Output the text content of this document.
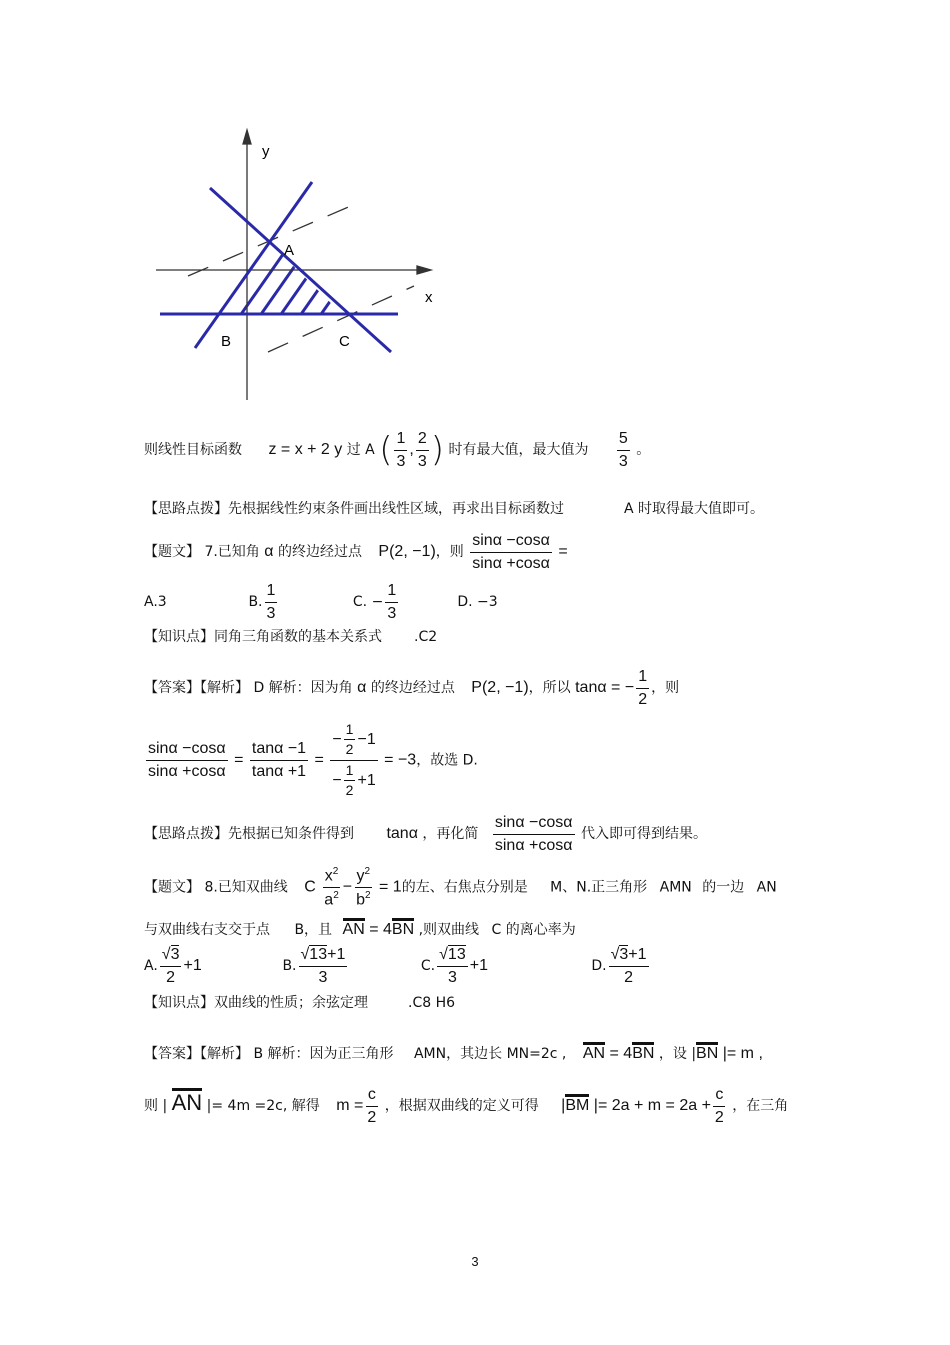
y
x
A
B	C
则线性目标函数 z = x + 2 y 过 A ( $\frac{1}{3}$ , $\frac{2}{3}$ ) 时有最大值，最大值为 $\frac{5}{3}$ 。
【思路点拨】先根据线性约束条件画出线性区域，再求出目标函数过	A 时取得最大值即可。
【题文】 7.已知角 α 的终边经过点 P(2, −1)，则 $\frac{\sin\alpha -\cos\alpha}{\sin\alpha +\cos\alpha}$ =
A.3	B. $\frac{1}{3}$	C. − $\frac{1}{3}$	D. −3
【知识点】同角三角函数的基本关系式 .C2
【答案】【解析】 D 解析：因为角 α 的终边经过点 P(2, −1)，所以 tanα = − $\frac{1}{2}$ ，则
$\frac{\sin\alpha -\cos\alpha}{\sin\alpha +\cos\alpha} = \frac{\tan\alpha -1}{\tan\alpha +1} = \frac{- \frac{1}{2} -1}{- \frac{1}{2} +1} = -3$，故选 D.
【思路点拨】先根据已知条件得到 tanα ，再化简 $\frac{\sin\alpha -\cos\alpha}{\sin\alpha +\cos\alpha}$ 代入即可得到结果。
【题文】 8.已知双曲线 C $\frac{x^2}{a^2} - \frac{y^2}{b^2} = 1$的左、右焦点分别是 M、N.正三角形 AMN 的一边 AN
与双曲线右支交于点 B，且 AN = 4BN ,则双曲线 C 的离心率为
A. $\frac{√3}{2} +1$	B. $\frac{√13+1}{3}$	C. $\frac{√13}{3} +1$	D. $\frac{√3+1}{2}$
【知识点】双曲线的性质；余弦定理	.C8 H6
【答案】【解析】 B 解析：因为正三角形 AMN，其边长 MN=2c , AN = 4BN ，设 |BN |= m ,
则 | AN |= 4m =2c, 解得 $m = \frac{c}{2}$ ，根据双曲线的定义可得 |BM |= $2a + m = 2a + \frac{c}{2}$ ，在三角
3
